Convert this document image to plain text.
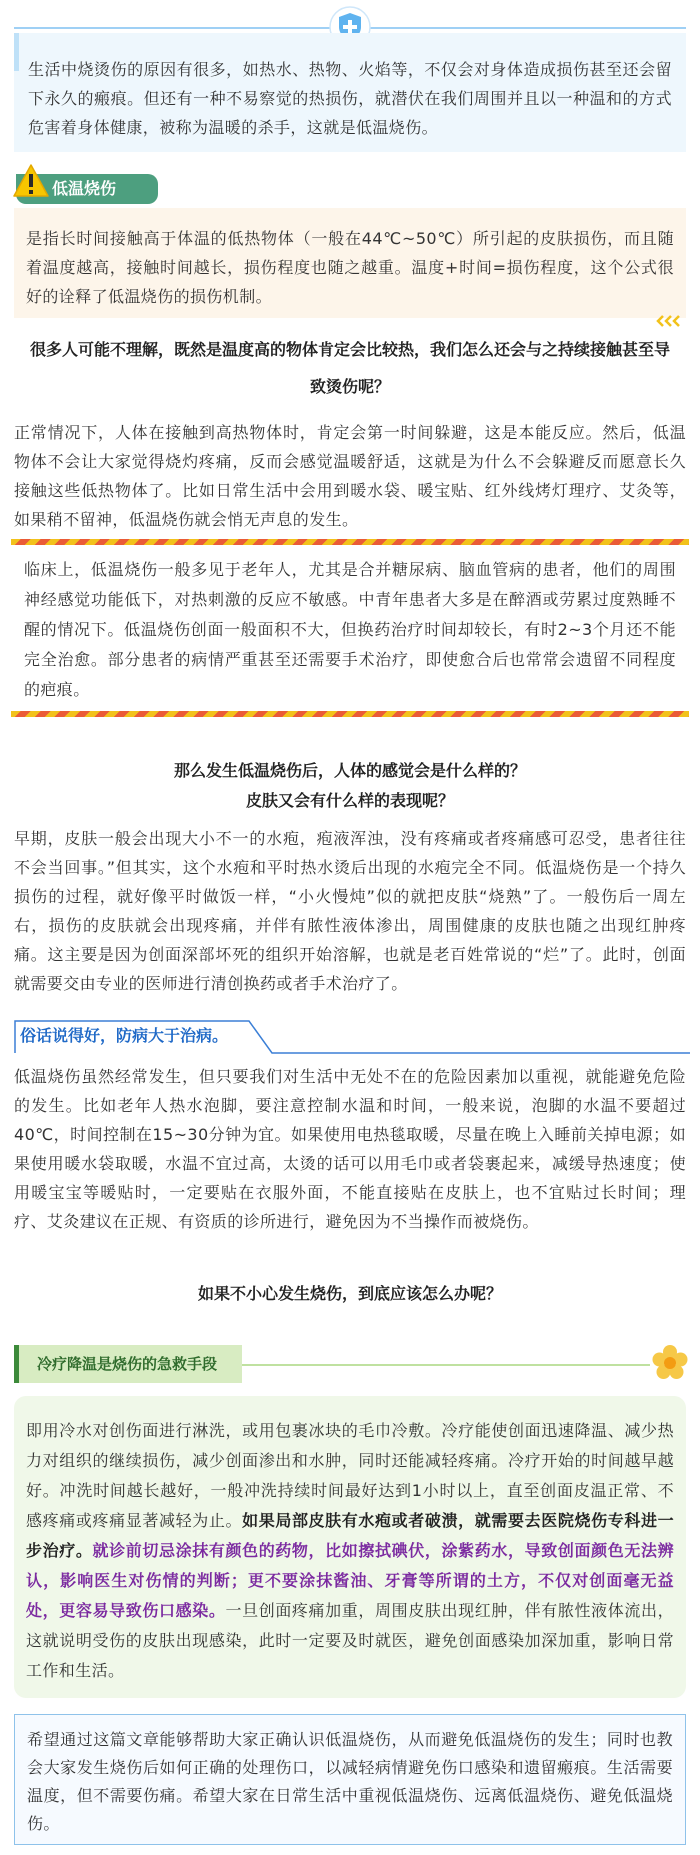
生活中烧烫伤的原因有很多，如热水、热物、火焰等，不仅会对身体造成损伤甚至还会留下永久的瘢痕。但还有一种不易察觉的热损伤，就潜伏在我们周围并且以一种温和的方式危害着身体健康，被称为温暖的杀手，这就是低温烧伤。

低温烧伤

是指长时间接触高于体温的低热物体（一般在44℃~50℃）所引起的皮肤损伤，而且随着温度越高，接触时间越长，损伤程度也随之越重。温度+时间=损伤程度，这个公式很好的诠释了低温烧伤的损伤机制。

很多人可能不理解，既然是温度高的物体肯定会比较热，我们怎么还会与之持续接触甚至导
致烫伤呢？

正常情况下，人体在接触到高热物体时，肯定会第一时间躲避，这是本能反应。然后，低温物体不会让大家觉得烧灼疼痛，反而会感觉温暖舒适，这就是为什么不会躲避反而愿意长久接触这些低热物体了。比如日常生活中会用到暖水袋、暖宝贴、红外线烤灯理疗、艾灸等，如果稍不留神，低温烧伤就会悄无声息的发生。

临床上，低温烧伤一般多见于老年人，尤其是合并糖尿病、脑血管病的患者，他们的周围神经感觉功能低下，对热刺激的反应不敏感。中青年患者大多是在醉酒或劳累过度熟睡不醒的情况下。低温烧伤创面一般面积不大，但换药治疗时间却较长，有时2~3个月还不能完全治愈。部分患者的病情严重甚至还需要手术治疗，即使愈合后也常常会遗留不同程度的疤痕。

那么发生低温烧伤后，人体的感觉会是什么样的？
皮肤又会有什么样的表现呢？

早期，皮肤一般会出现大小不一的水疱，疱液浑浊，没有疼痛或者疼痛感可忍受，患者往往不会当回事。”但其实，这个水疱和平时热水烫后出现的水疱完全不同。低温烧伤是一个持久损伤的过程，就好像平时做饭一样，“小火慢炖”似的就把皮肤“烧熟”了。一般伤后一周左右，损伤的皮肤就会出现疼痛，并伴有脓性液体渗出，周围健康的皮肤也随之出现红肿疼痛。这主要是因为创面深部坏死的组织开始溶解，也就是老百姓常说的“烂”了。此时，创面就需要交由专业的医师进行清创换药或者手术治疗了。

俗话说得好，防病大于治病。

低温烧伤虽然经常发生，但只要我们对生活中无处不在的危险因素加以重视，就能避免危险的发生。比如老年人热水泡脚，要注意控制水温和时间，一般来说，泡脚的水温不要超过 40℃，时间控制在15~30分钟为宜。如果使用电热毯取暖，尽量在晚上入睡前关掉电源；如果使用暖水袋取暖，水温不宜过高，太烫的话可以用毛巾或者袋裹起来，减缓导热速度；使用暖宝宝等暖贴时，一定要贴在衣服外面，不能直接贴在皮肤上，也不宜贴过长时间；理疗、艾灸建议在正规、有资质的诊所进行，避免因为不当操作而被烧伤。

如果不小心发生烧伤，到底应该怎么办呢？
冷疗降温是烧伤的急救手段

即用冷水对创伤面进行淋洗，或用包裹冰块的毛巾冷敷。冷疗能使创面迅速降温、减少热力对组织的继续损伤，减少创面渗出和水肿，同时还能减轻疼痛。冷疗开始的时间越早越好。冲洗时间越长越好，一般冲洗持续时间最好达到1小时以上，直至创面皮温正常、不感疼痛或疼痛显著减轻为止。如果局部皮肤有水疱或者破溃，就需要去医院烧伤专科进一步治疗。就诊前切忌涂抹有颜色的药物，比如擦拭碘伏，涂紫药水，导致创面颜色无法辨认，影响医生对伤情的判断；更不要涂抹酱油、牙膏等所谓的土方，不仅对创面毫无益处，更容易导致伤口感染。一旦创面疼痛加重，周围皮肤出现红肿，伴有脓性液体流出，这就说明受伤的皮肤出现感染，此时一定要及时就医，避免创面感染加深加重，影响日常工作和生活。

希望通过这篇文章能够帮助大家正确认识低温烧伤，从而避免低温烧伤的发生；同时也教会大家发生烧伤后如何正确的处理伤口，以减轻病情避免伤口感染和遗留瘢痕。生活需要温度，但不需要伤痛。希望大家在日常生活中重视低温烧伤、远离低温烧伤、避免低温烧伤。
